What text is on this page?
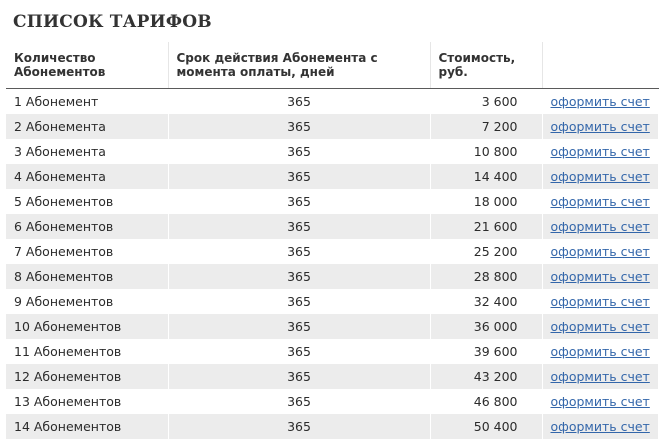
СПИСОК ТАРИФОВ
Количество Абонементов	Срок действия Абонемента с момента оплаты, дней	Стоимость, руб.	
1 Абонемент	365	3 600	оформить счет
2 Абонемента	365	7 200	оформить счет
3 Абонемента	365	10 800	оформить счет
4 Абонемента	365	14 400	оформить счет
5 Абонементов	365	18 000	оформить счет
6 Абонементов	365	21 600	оформить счет
7 Абонементов	365	25 200	оформить счет
8 Абонементов	365	28 800	оформить счет
9 Абонементов	365	32 400	оформить счет
10 Абонементов	365	36 000	оформить счет
11 Абонементов	365	39 600	оформить счет
12 Абонементов	365	43 200	оформить счет
13 Абонементов	365	46 800	оформить счет
14 Абонементов	365	50 400	оформить счет
